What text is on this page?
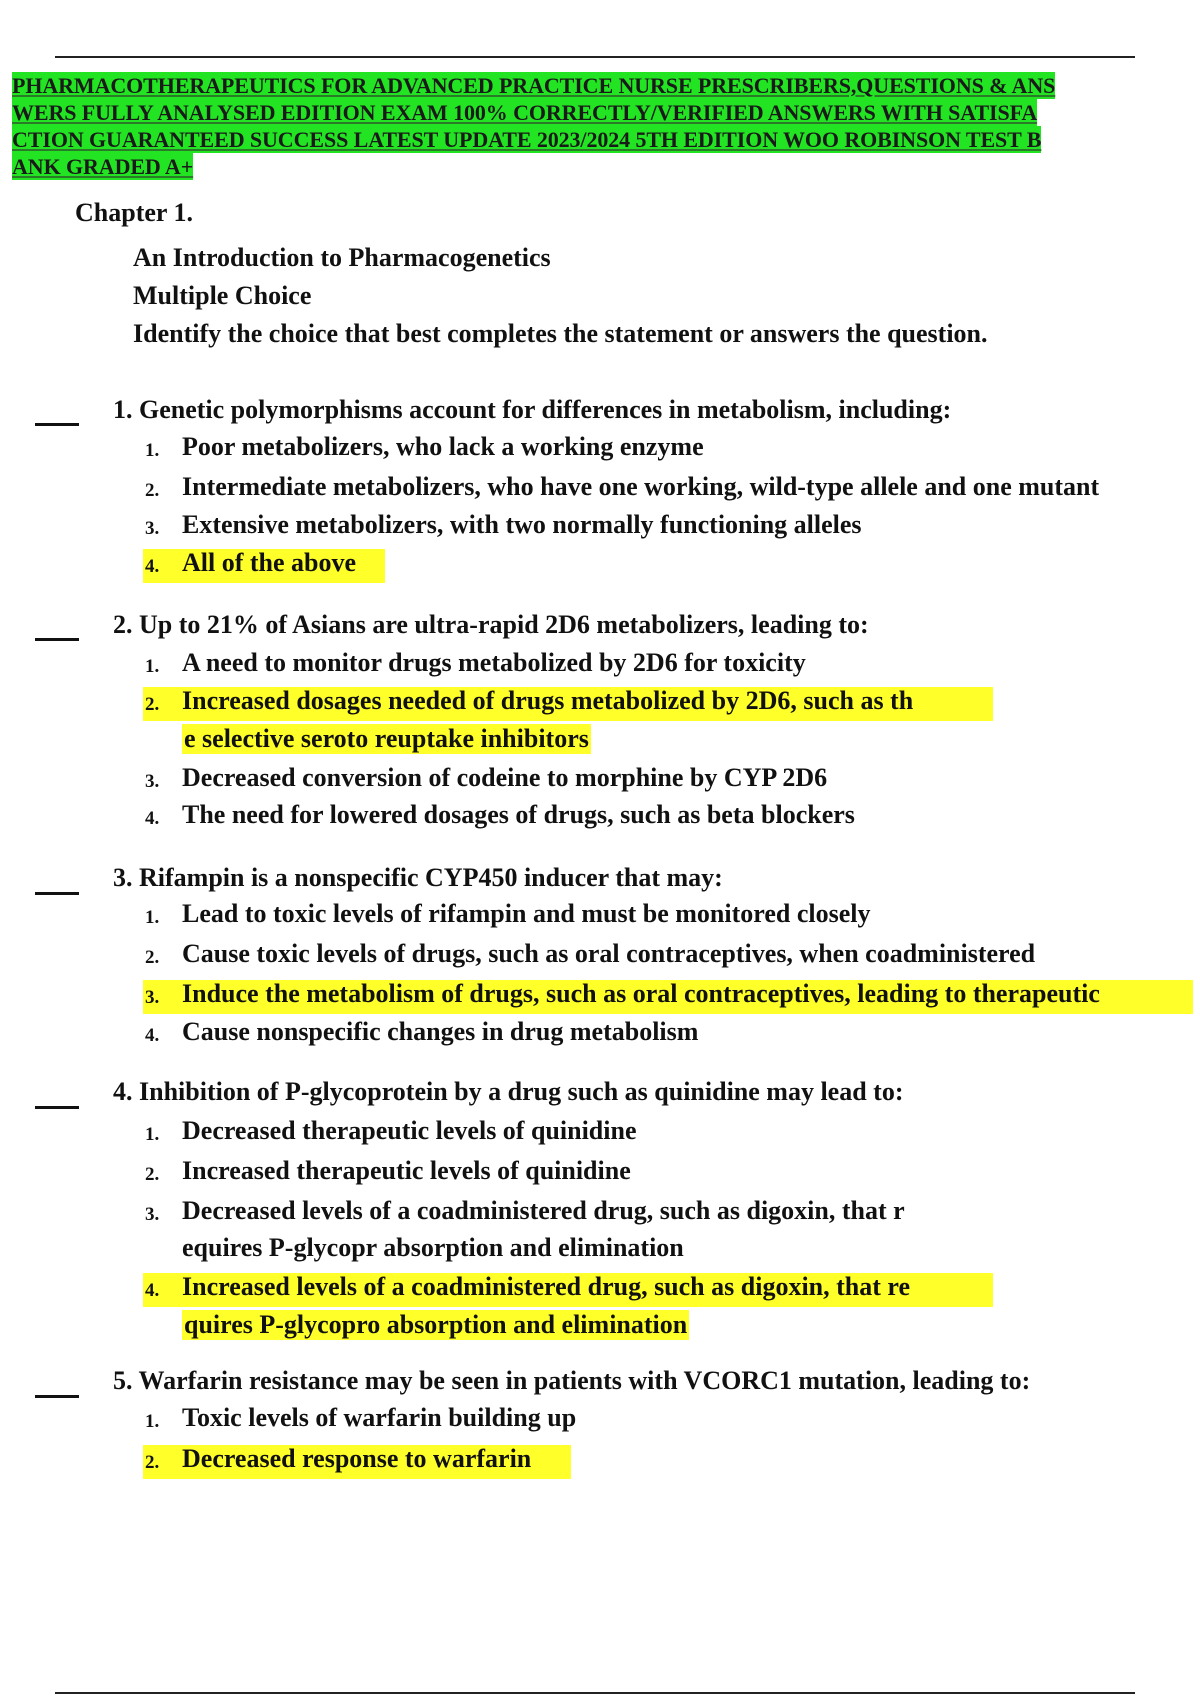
PHARMACOTHERAPEUTICS FOR ADVANCED PRACTICE NURSE PRESCRIBERS,QUESTIONS & ANS
WERS FULLY ANALYSED EDITION EXAM 100% CORRECTLY/VERIFIED ANSWERS WITH SATISFA
CTION GUARANTEED SUCCESS LATEST UPDATE 2023/2024 5TH EDITION WOO ROBINSON TEST B
ANK GRADED A+
Chapter 1.
An Introduction to Pharmacogenetics
Multiple Choice
Identify the choice that best completes the statement or answers the question.
1. Genetic polymorphisms account for differences in metabolism, including:
1. Poor metabolizers, who lack a working enzyme
2. Intermediate metabolizers, who have one working, wild-type allele and one mutant
3. Extensive metabolizers, with two normally functioning alleles
4. All of the above
2. Up to 21% of Asians are ultra-rapid 2D6 metabolizers, leading to:
1. A need to monitor drugs metabolized by 2D6 for toxicity
2. Increased dosages needed of drugs metabolized by 2D6, such as th
e selective seroto reuptake inhibitors
3. Decreased conversion of codeine to morphine by CYP 2D6
4. The need for lowered dosages of drugs, such as beta blockers
3. Rifampin is a nonspecific CYP450 inducer that may:
1. Lead to toxic levels of rifampin and must be monitored closely
2. Cause toxic levels of drugs, such as oral contraceptives, when coadministered
3. Induce the metabolism of drugs, such as oral contraceptives, leading to therapeutic
4. Cause nonspecific changes in drug metabolism
4. Inhibition of P-glycoprotein by a drug such as quinidine may lead to:
1. Decreased therapeutic levels of quinidine
2. Increased therapeutic levels of quinidine
3. Decreased levels of a coadministered drug, such as digoxin, that r
equires P-glycopr absorption and elimination
4. Increased levels of a coadministered drug, such as digoxin, that re
quires P-glycopro absorption and elimination
5. Warfarin resistance may be seen in patients with VCORC1 mutation, leading to:
1. Toxic levels of warfarin building up
2. Decreased response to warfarin
